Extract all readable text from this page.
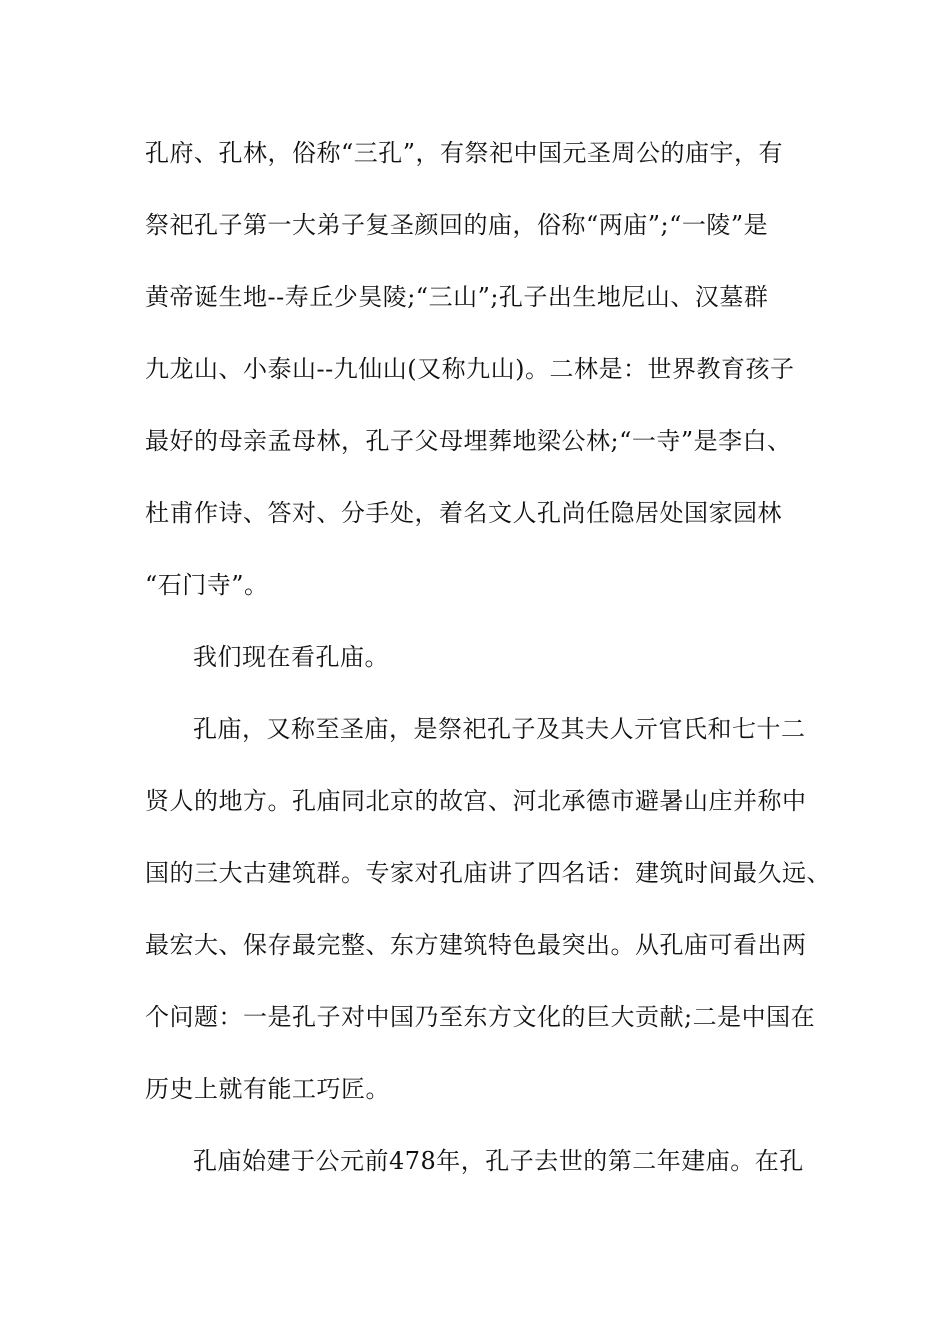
孔府、孔林，俗称“三孔”，有祭祀中国元圣周公的庙宇，有
祭祀孔子第一大弟子复圣颜回的庙，俗称“两庙”;“一陵”是
黄帝诞生地--寿丘少昊陵;“三山”;孔子出生地尼山、汉墓群
九龙山、小泰山--九仙山(又称九山)。二林是：世界教育孩子
最好的母亲孟母林，孔子父母埋葬地梁公林;“一寺”是李白、
杜甫作诗、答对、分手处，着名文人孔尚任隐居处国家园林
“石门寺”。
我们现在看孔庙。
孔庙，又称至圣庙，是祭祀孔子及其夫人亓官氏和七十二
贤人的地方。孔庙同北京的故宫、河北承德市避暑山庄并称中
国的三大古建筑群。专家对孔庙讲了四名话：建筑时间最久远、
最宏大、保存最完整、东方建筑特色最突出。从孔庙可看出两
个问题：一是孔子对中国乃至东方文化的巨大贡献;二是中国在
历史上就有能工巧匠。
孔庙始建于公元前478年，孔子去世的第二年建庙。在孔
